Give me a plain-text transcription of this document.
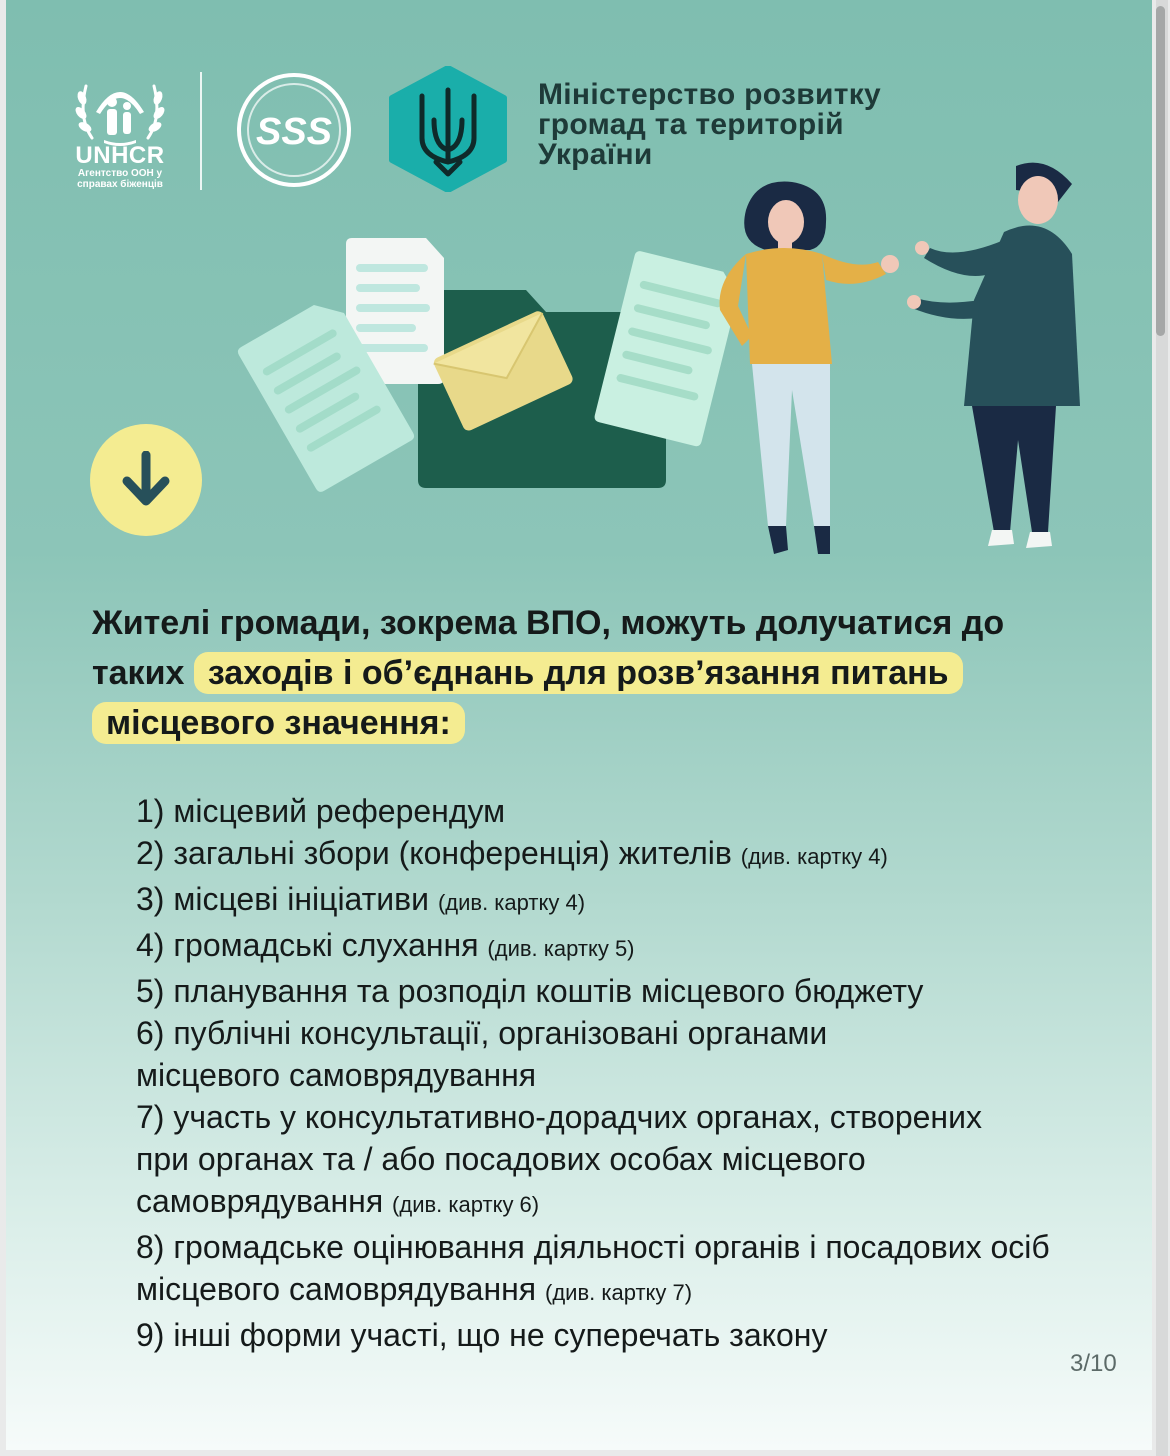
UNHCR
Агентство ООН у
справах біженців
SSS
Міністерство розвитку
громад та територій
України
Жителі громади, зокрема ВПО, можуть долучатися до таких заходів і об’єднань для розв’язання питань місцевого значення:
1) місцевий референдум
2) загальні збори (конференція) жителів (див. картку 4)
3) місцеві ініціативи (див. картку 4)
4) громадські слухання (див. картку 5)
5) планування та розподіл коштів місцевого бюджету
6) публічні консультації, організовані органами місцевого самоврядування
7) участь у консультативно-дорадчих органах, створених при органах та / або посадових особах місцевого самоврядування (див. картку 6)
8) громадське оцінювання діяльності органів і посадових осіб місцевого самоврядування (див. картку 7)
9) інші форми участі, що не суперечать закону
3/10
